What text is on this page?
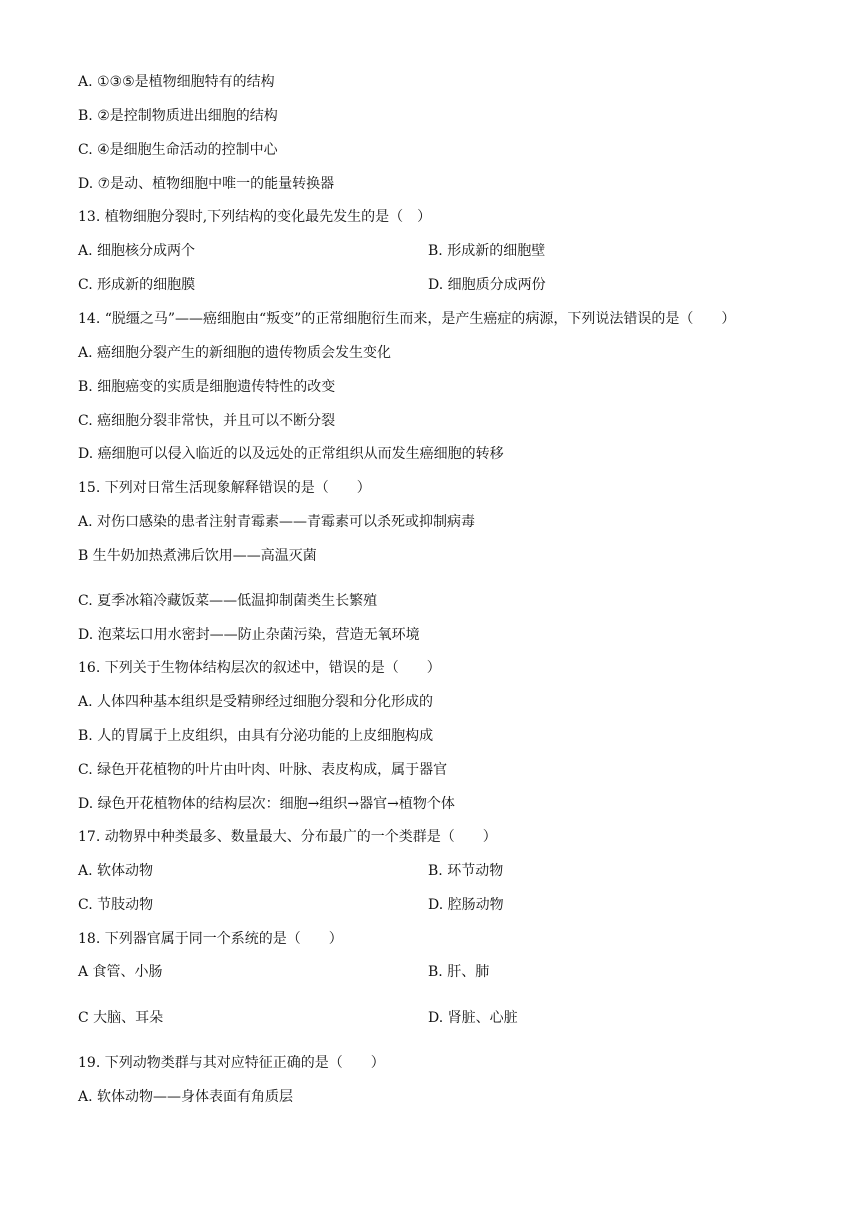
A. ①③⑤是植物细胞特有的结构
B. ②是控制物质进出细胞的结构
C. ④是细胞生命活动的控制中心
D. ⑦是动、植物细胞中唯一的能量转换器
13. 植物细胞分裂时,下列结构的变化最先发生的是（　）
A. 细胞核分成两个	B. 形成新的细胞壁
C. 形成新的细胞膜	D. 细胞质分成两份
14. “脱缰之马”——癌细胞由“叛变”的正常细胞衍生而来，是产生癌症的病源，下列说法错误的是（　　）
A. 癌细胞分裂产生的新细胞的遗传物质会发生变化
B. 细胞癌变的实质是细胞遗传特性的改变
C. 癌细胞分裂非常快，并且可以不断分裂
D. 癌细胞可以侵入临近的以及远处的正常组织从而发生癌细胞的转移
15. 下列对日常生活现象解释错误的是（　　）
A. 对伤口感染的患者注射青霉素——青霉素可以杀死或抑制病毒
B 生牛奶加热煮沸后饮用——高温灭菌
C. 夏季冰箱冷藏饭菜——低温抑制菌类生长繁殖
D. 泡菜坛口用水密封——防止杂菌污染，营造无氧环境
16. 下列关于生物体结构层次的叙述中，错误的是（　　）
A. 人体四种基本组织是受精卵经过细胞分裂和分化形成的
B. 人的胃属于上皮组织，由具有分泌功能的上皮细胞构成
C. 绿色开花植物的叶片由叶肉、叶脉、表皮构成，属于器官
D. 绿色开花植物体的结构层次：细胞→组织→器官→植物个体
17. 动物界中种类最多、数量最大、分布最广的一个类群是（　　）
A. 软体动物	B. 环节动物
C. 节肢动物	D. 腔肠动物
18. 下列器官属于同一个系统的是（　　）
A 食管、小肠	B. 肝、肺
C 大脑、耳朵	D. 肾脏、心脏
19. 下列动物类群与其对应特征正确的是（　　）
A. 软体动物——身体表面有角质层
